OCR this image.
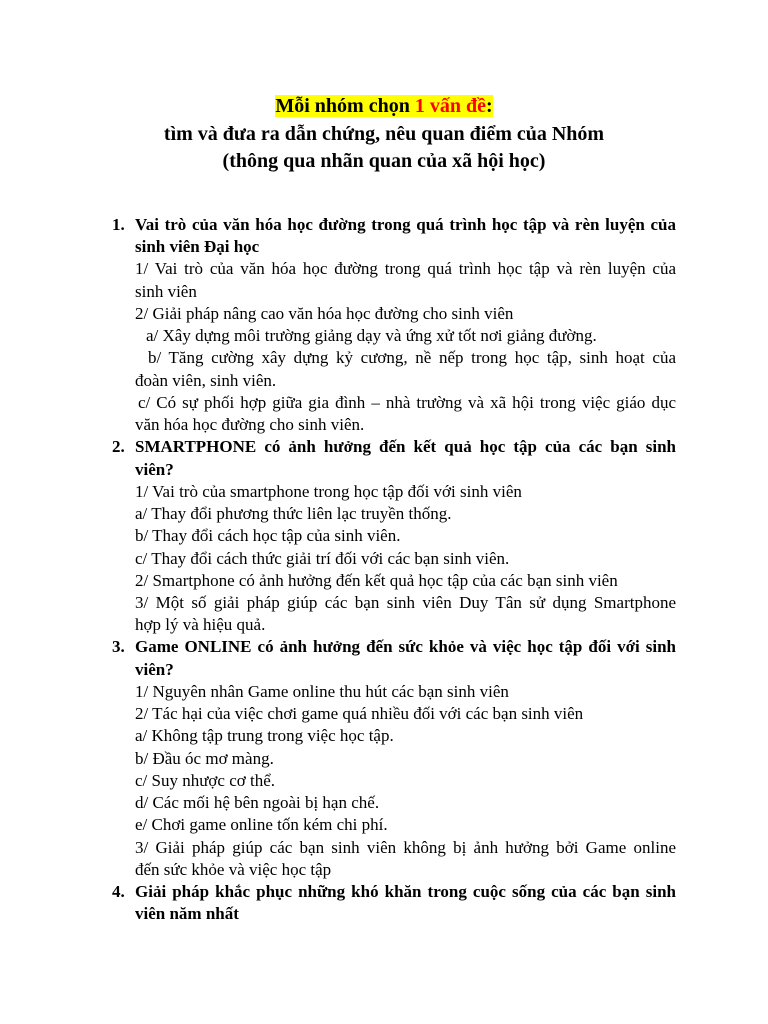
Mỗi nhóm chọn 1 vấn đề:
tìm và đưa ra dẫn chứng, nêu quan điểm của Nhóm
(thông qua nhãn quan của xã hội học)
1. Vai trò của văn hóa học đường trong quá trình học tập và rèn luyện của
sinh viên Đại học
1/ Vai trò của văn hóa học đường trong quá trình học tập và rèn luyện của
sinh viên
2/ Giải pháp nâng cao văn hóa học đường cho sinh viên
a/ Xây dựng môi trường giảng dạy và ứng xử tốt nơi giảng đường.
b/ Tăng cường xây dựng kỷ cương, nề nếp trong học tập, sinh hoạt của
đoàn viên, sinh viên.
c/ Có sự phối hợp giữa gia đình – nhà trường và xã hội trong việc giáo dục
văn hóa học đường cho sinh viên.
2. SMARTPHONE có ảnh hưởng đến kết quả học tập của các bạn sinh
viên?
1/ Vai trò của smartphone trong học tập đối với sinh viên
a/ Thay đổi phương thức liên lạc truyền thống.
b/ Thay đổi cách học tập của sinh viên.
c/ Thay đổi cách thức giải trí đối với các bạn sinh viên.
2/ Smartphone có ảnh hưởng đến kết quả học tập của các bạn sinh viên
3/ Một số giải pháp giúp các bạn sinh viên Duy Tân sử dụng Smartphone
hợp lý và hiệu quả.
3. Game ONLINE có ảnh hưởng đến sức khỏe và việc học tập đối với sinh
viên?
1/ Nguyên nhân Game online thu hút các bạn sinh viên
2/ Tác hại của việc chơi game quá nhiều đối với các bạn sinh viên
a/ Không tập trung trong việc học tập.
b/ Đầu óc mơ màng.
c/ Suy nhược cơ thể.
d/ Các mối hệ bên ngoài bị hạn chế.
e/ Chơi game online tốn kém chi phí.
3/ Giải pháp giúp các bạn sinh viên không bị ảnh hưởng bởi Game online
đến sức khỏe và việc học tập
4. Giải pháp khắc phục những khó khăn trong cuộc sống của các bạn sinh
viên năm nhất
